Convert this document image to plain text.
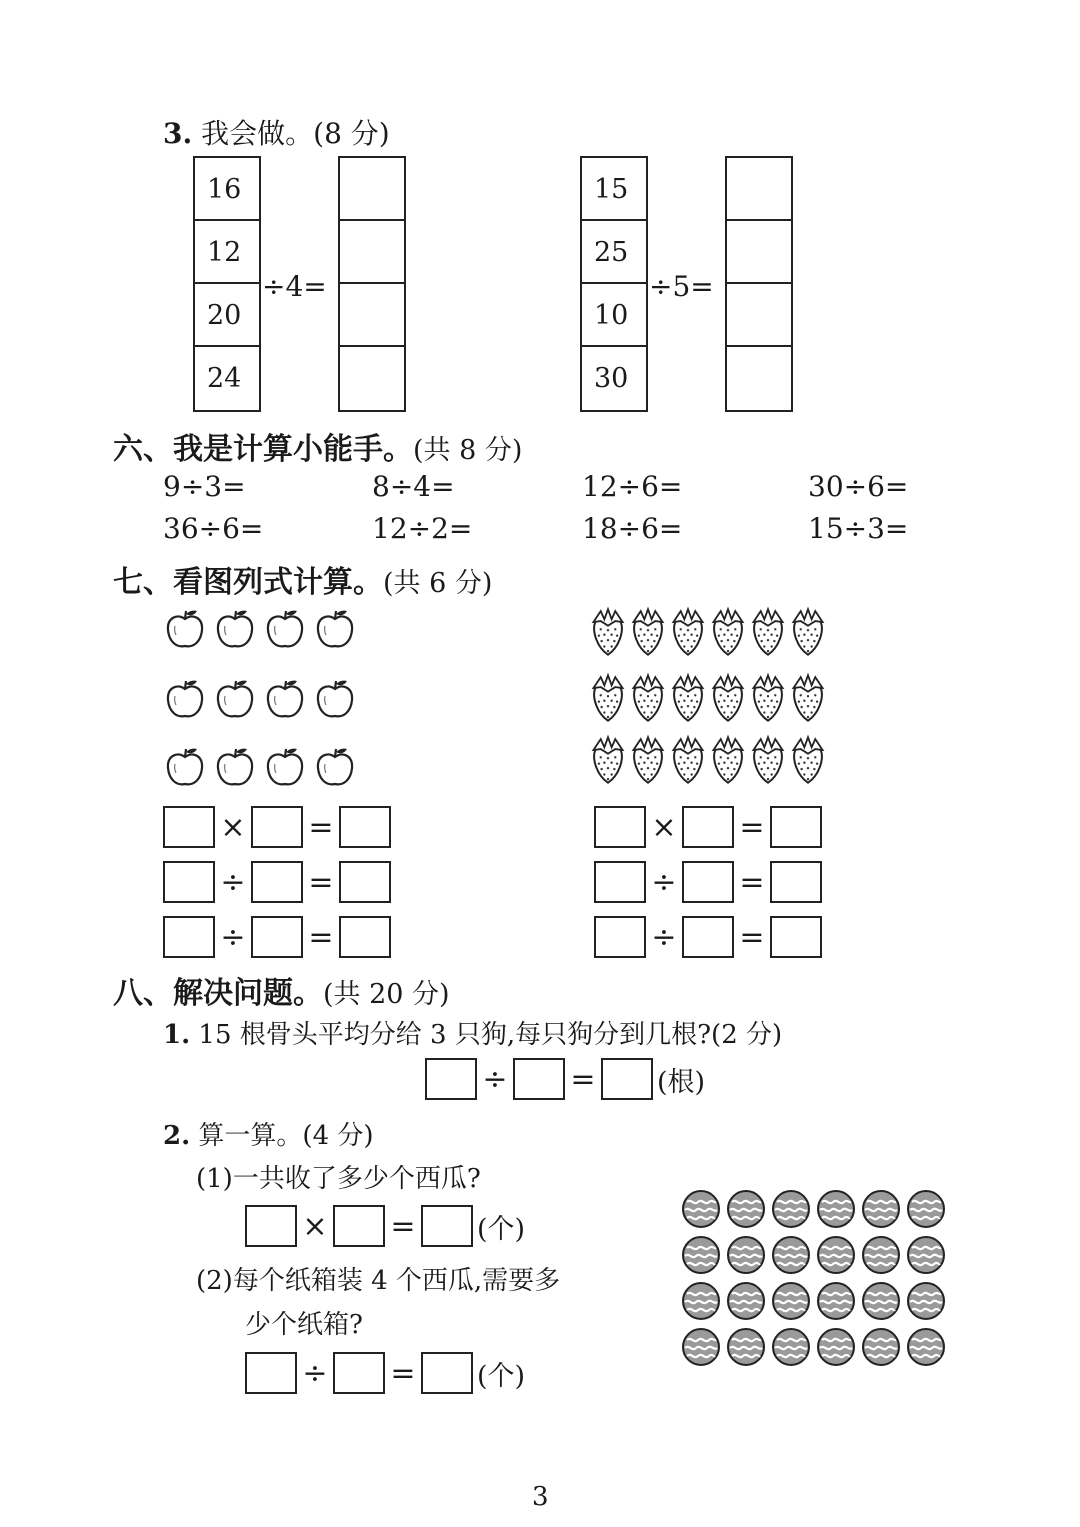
3. 我会做。(8 分)
16
12
20
24
÷4=
15
25
10
30
÷5=
六、我是计算小能手。(共 8 分)
9÷3=	8÷4=	12÷6=	30÷6=
36÷6=	12÷2=	18÷6=	15÷3=
七、看图列式计算。(共 6 分)
× =
÷ =
÷ =
× =
÷ =
÷ =
八、解决问题。(共 20 分)
1. 15 根骨头平均分给 3 只狗,每只狗分到几根?(2 分)
÷ = (根)
2. 算一算。(4 分)
(1)一共收了多少个西瓜?
× = (个)
(2)每个纸箱装 4 个西瓜,需要多
少个纸箱?
÷ = (个)
3
